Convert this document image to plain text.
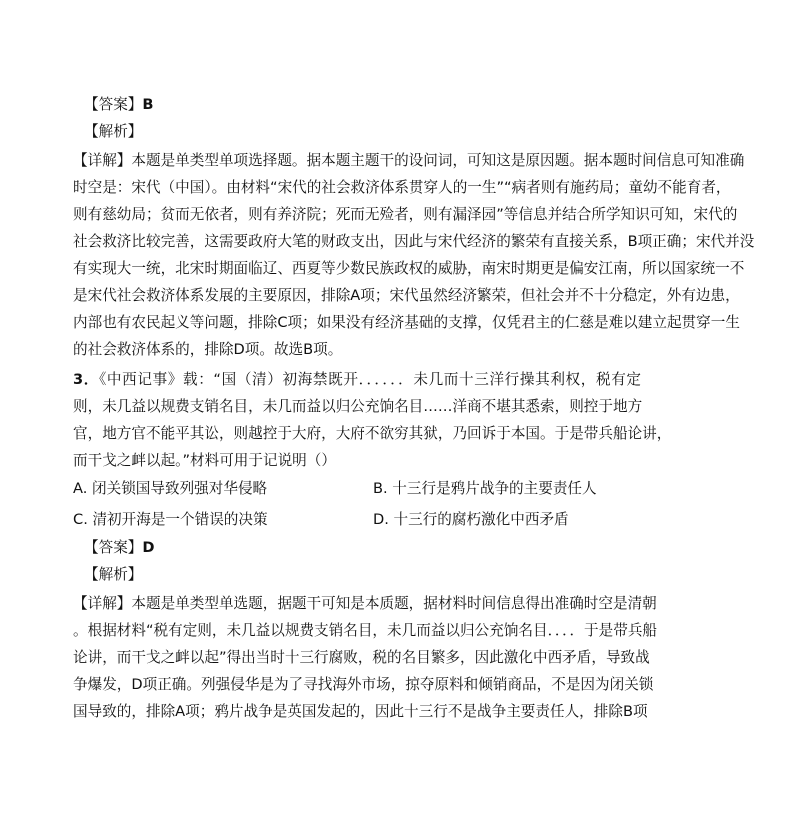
【答案】B
【解析】
【详解】本题是单类型单项选择题。据本题主题干的设问词，可知这是原因题。据本题时间信息可知准确
时空是：宋代（中国）。由材料“宋代的社会救济体系贯穿人的一生”“病者则有施药局；童幼不能育者，
则有慈幼局；贫而无依者，则有养济院；死而无殓者，则有漏泽园”等信息并结合所学知识可知，宋代的
社会救济比较完善，这需要政府大笔的财政支出，因此与宋代经济的繁荣有直接关系，B项正确；宋代并没
有实现大一统，北宋时期面临辽、西夏等少数民族政权的威胁，南宋时期更是偏安江南，所以国家统一不
是宋代社会救济体系发展的主要原因，排除A项；宋代虽然经济繁荣，但社会并不十分稳定，外有边患，
内部也有农民起义等问题，排除C项；如果没有经济基础的支撑，仅凭君主的仁慈是难以建立起贯穿一生
的社会救济体系的，排除D项。故选B项。
3．《中西记事》载：“国（清）初海禁既开．．．．．．未几而十三洋行操其利权，税有定
则，未几益以规费支销名目，未几而益以归公充饷名目……洋商不堪其悉索，则控于地方
官，地方官不能平其讼，则越控于大府，大府不欲穷其狱，乃回诉于本国。于是带兵船论讲，
而干戈之衅以起。”材料可用于记说明（）
A. 闭关锁国导致列强对华侵略	B. 十三行是鸦片战争的主要责任人
C. 清初开海是一个错误的决策	D. 十三行的腐朽激化中西矛盾
【答案】D
【解析】
【详解】本题是单类型单选题，据题干可知是本质题，据材料时间信息得出准确时空是清朝
。根据材料“税有定则，未几益以规费支销名目，未几而益以归公充饷名目．．．．于是带兵船
论讲，而干戈之衅以起”得出当时十三行腐败，税的名目繁多，因此激化中西矛盾，导致战
争爆发，D项正确。列强侵华是为了寻找海外市场，掠夺原料和倾销商品，不是因为闭关锁
国导致的，排除A项；鸦片战争是英国发起的，因此十三行不是战争主要责任人，排除B项
